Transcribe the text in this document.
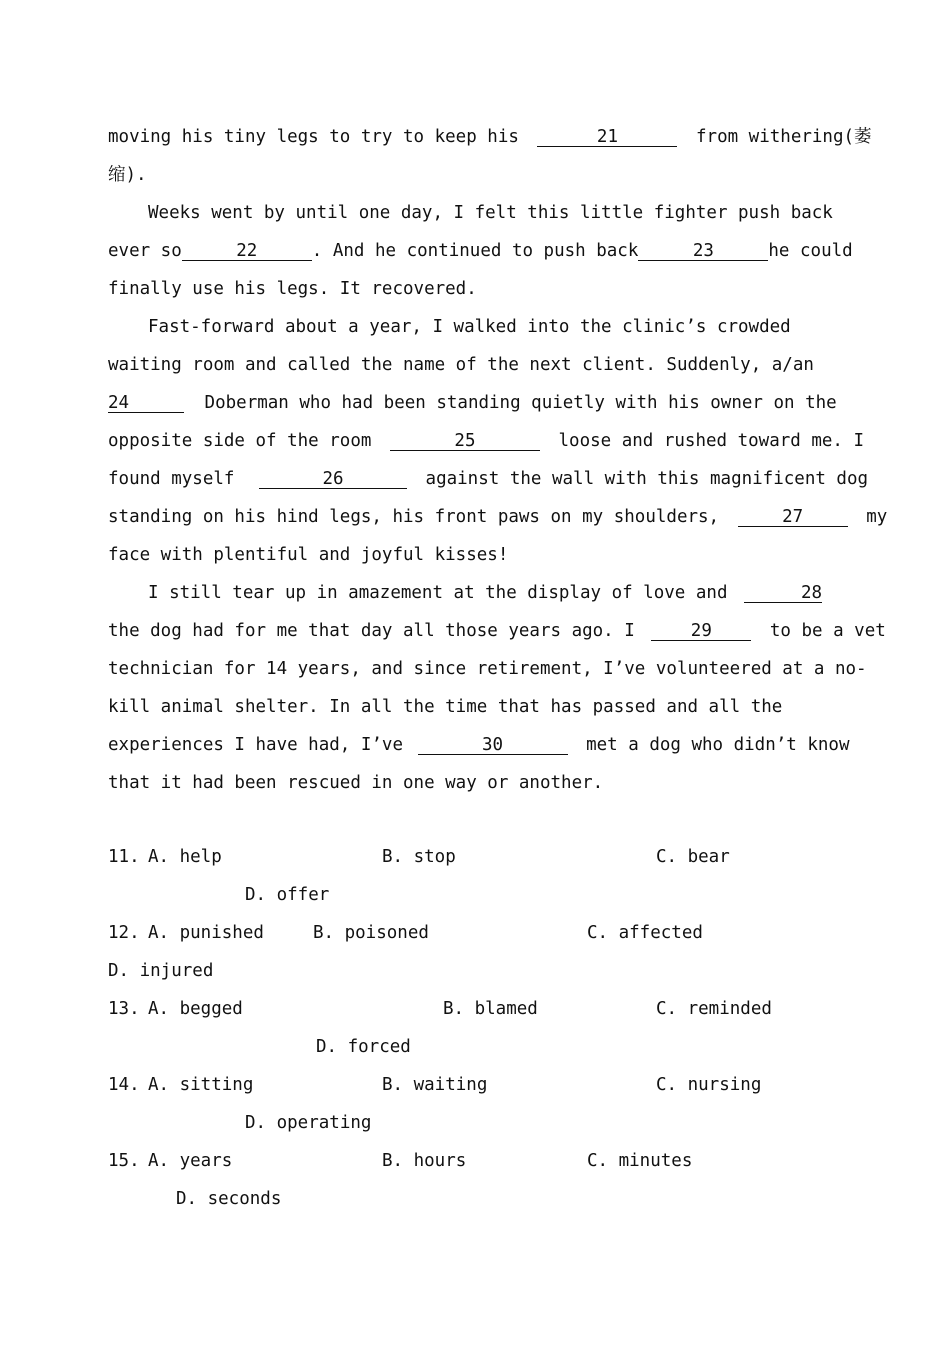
moving his tiny legs to try to keep his	21	from withering(萎
缩).
Weeks went by until one day, I felt this little fighter push back
ever so	22	. And he continued to push back	23	he could
finally use his legs. It recovered.
Fast-forward about a year, I walked into the clinic’s crowded
waiting room and called the name of the next client. Suddenly, a/an
24	Doberman who had been standing quietly with his owner on the
opposite side of the room	25	loose and rushed toward me. I
found myself	26	against the wall with this magnificent dog
standing on his hind legs, his front paws on my shoulders,	27	my
face with plentiful and joyful kisses!
I still tear up in amazement at the display of love and	28
the dog had for me that day all those years ago. I	29	to be a vet
technician for 14 years, and since retirement, I’ve volunteered at a no-
kill animal shelter. In all the time that has passed and all the
experiences I have had, I’ve	30	met a dog who didn’t know
that it had been rescued in one way or another.
11. A. help	B. stop	C. bear
D. offer
12. A. punished	B. poisoned	C. affected
D. injured
13. A. begged	B. blamed	C. reminded
D. forced
14. A. sitting	B. waiting	C. nursing
D. operating
15. A. years	B. hours	C. minutes
D. seconds
